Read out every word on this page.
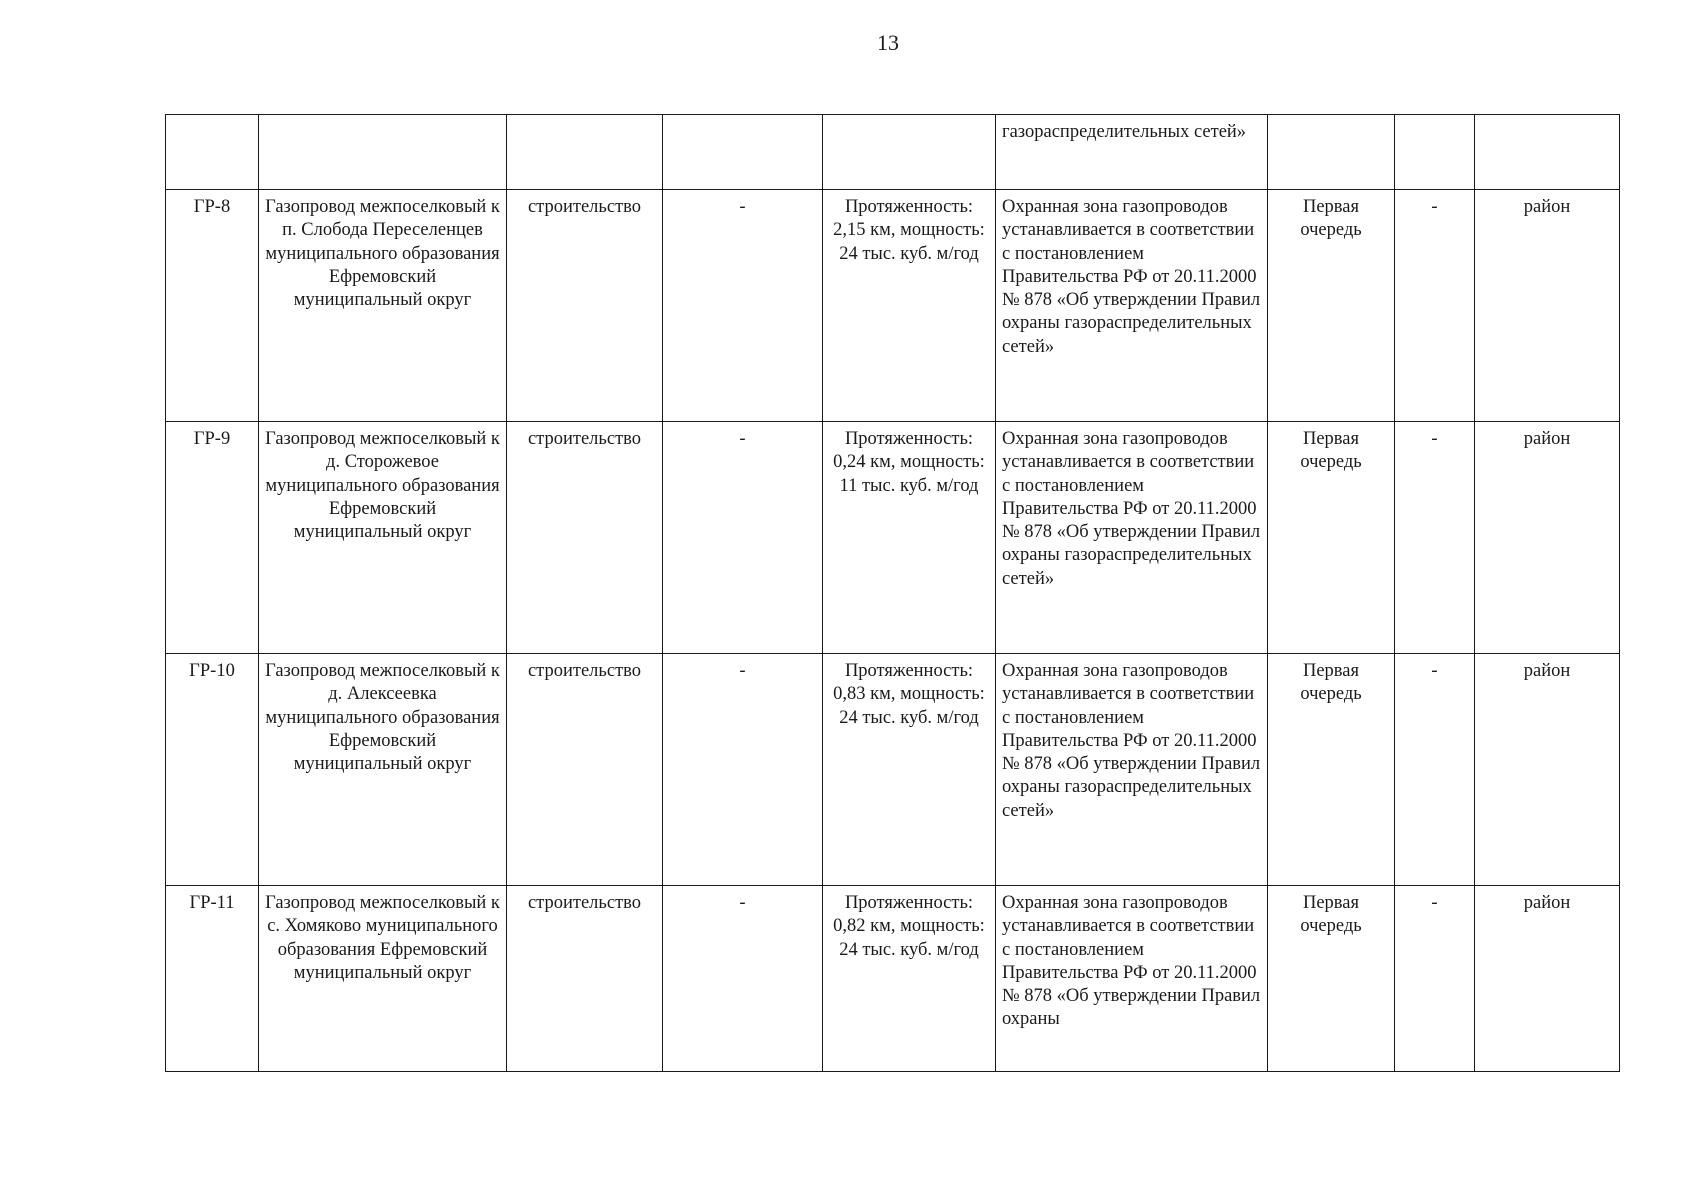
13
					газораспределительных сетей»			
ГР-8	Газопровод межпоселковый к п. Слобода Переселенцев муниципального образования Ефремовский муниципальный округ	строительство	-	Протяженность: 2,15 км, мощность: 24 тыс. куб. м/год	Охранная зона газопроводов устанавливается в соответствии с постановлением Правительства РФ от 20.11.2000 № 878 «Об утверждении Правил охраны газораспределительных сетей»	Первая очередь	-	район
ГР-9	Газопровод межпоселковый к д. Сторожевое муниципального образования Ефремовский муниципальный округ	строительство	-	Протяженность: 0,24 км, мощность: 11 тыс. куб. м/год	Охранная зона газопроводов устанавливается в соответствии с постановлением Правительства РФ от 20.11.2000 № 878 «Об утверждении Правил охраны газораспределительных сетей»	Первая очередь	-	район
ГР-10	Газопровод межпоселковый к д. Алексеевка муниципального образования Ефремовский муниципальный округ	строительство	-	Протяженность: 0,83 км, мощность: 24 тыс. куб. м/год	Охранная зона газопроводов устанавливается в соответствии с постановлением Правительства РФ от 20.11.2000 № 878 «Об утверждении Правил охраны газораспределительных сетей»	Первая очередь	-	район
ГР-11	Газопровод межпоселковый к с. Хомяково муниципального образования Ефремовский муниципальный округ	строительство	-	Протяженность: 0,82 км, мощность: 24 тыс. куб. м/год	Охранная зона газопроводов устанавливается в соответствии с постановлением Правительства РФ от 20.11.2000 № 878 «Об утверждении Правил охраны	Первая очередь	-	район
